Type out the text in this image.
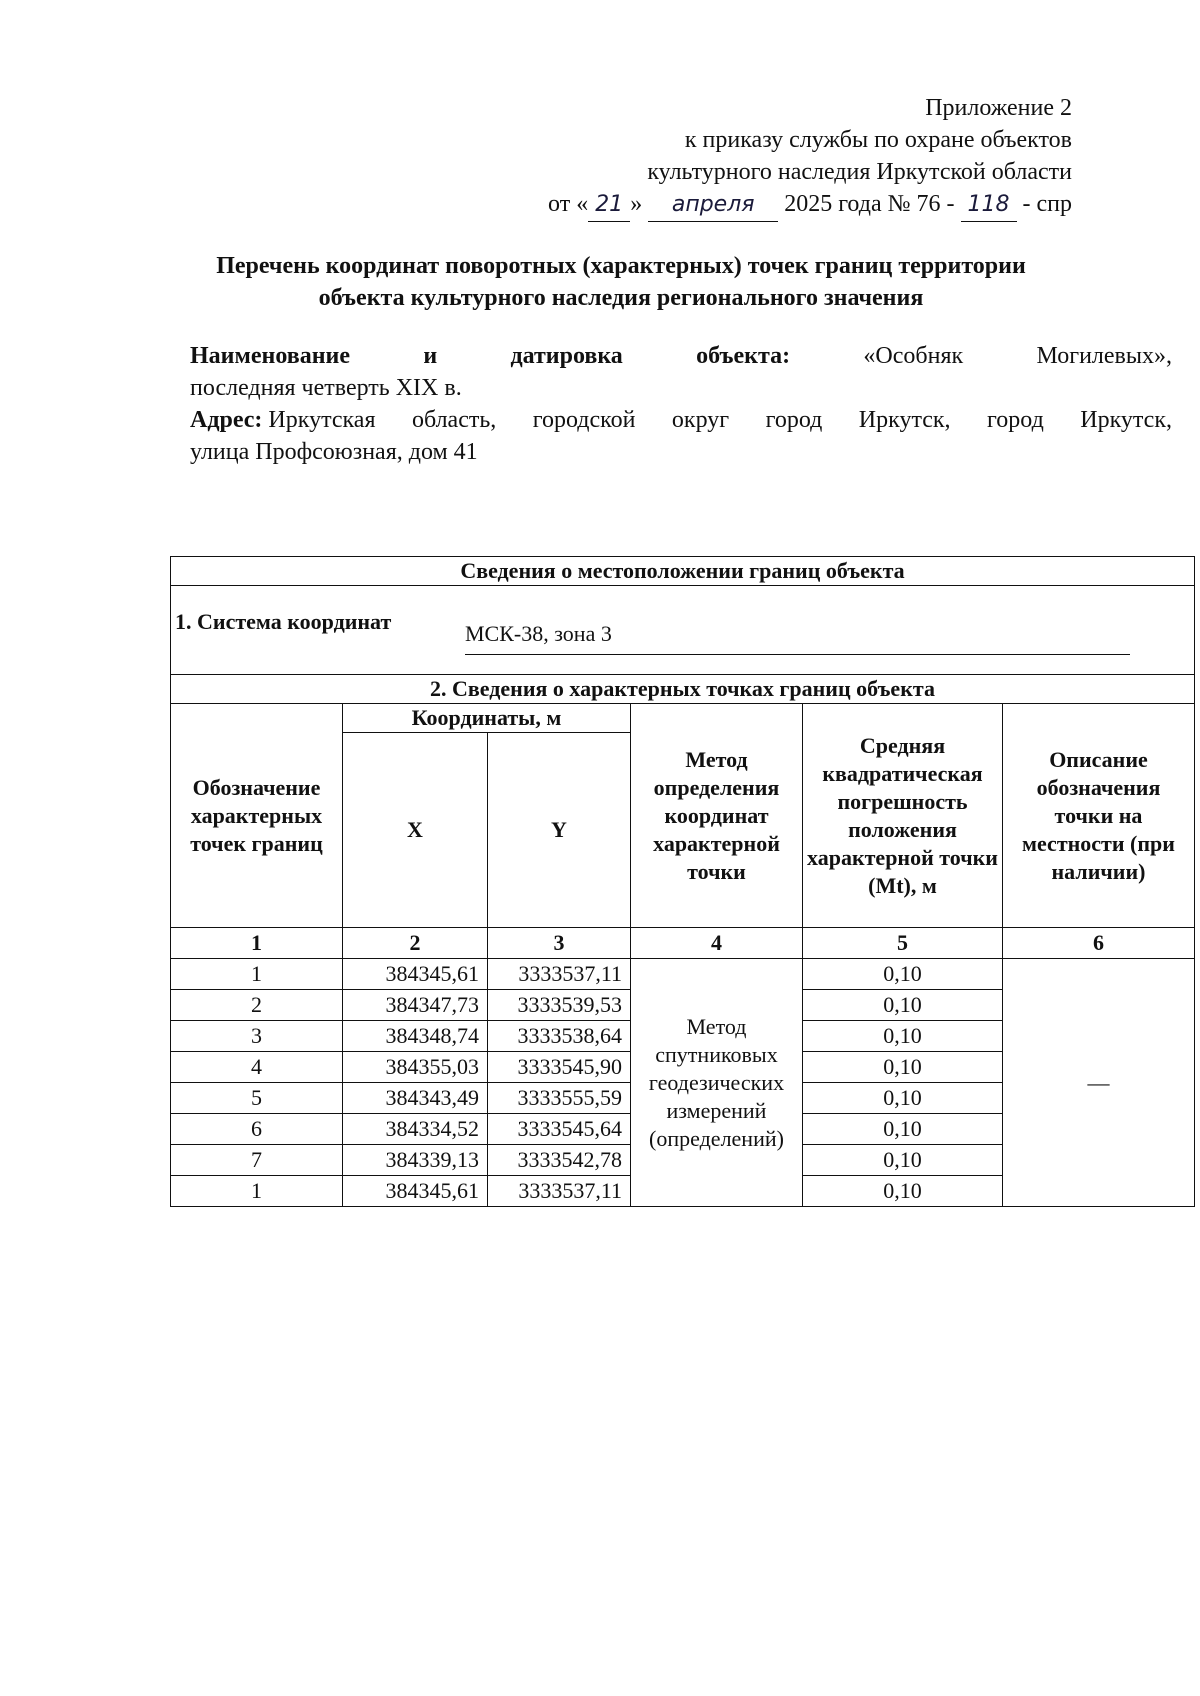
Приложение 2
к приказу службы по охране объектов
культурного наследия Иркутской области
от « 21 » апреля 2025 года № 76 - 118 - спр
Перечень координат поворотных (характерных) точек границ территории
объекта культурного наследия регионального значения
Наименование	и	датировка	объекта:	«Особняк	Могилевых»,

последняя четверть XIX в.

Адрес:
Иркутская область, городской округ город Иркутск, город Иркутск,

улица Профсоюзная, дом 41

Сведения о местоположении границ объекта					

1. Система координат МСК-38, зона 3					

2. Сведения о характерных точках границ объекта					
Обозначение характерных точек границ	Координаты, м		Метод определения координат характерной точки	Средняя квадратическая погрешность положения характерной точки (Mt), м	Описание обозначения точки на местности (при наличии)
	X	Y			
1	2	3	4	5	6
1	384345,61	3333537,11	Метод спутниковых геодезических измерений (определений)	0,10	—
2	384347,73	3333539,53		0,10	
3	384348,74	3333538,64		0,10	
4	384355,03	3333545,90		0,10	
5	384343,49	3333555,59		0,10	
6	384334,52	3333545,64		0,10	
7	384339,13	3333542,78		0,10	
1	384345,61	3333537,11		0,10	
